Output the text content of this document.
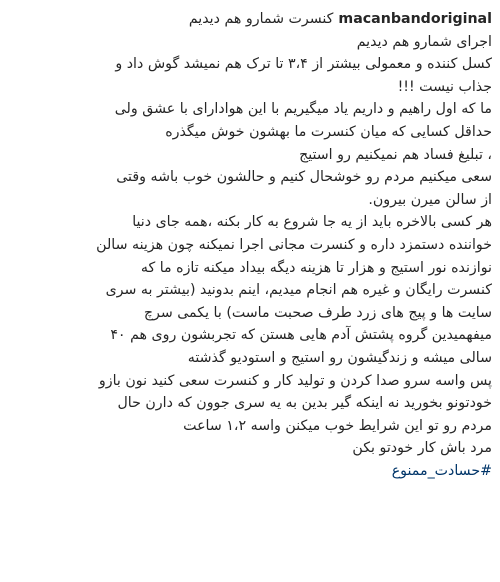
macanbandoriginalکنسرت شمارو هم دیدیم
اجرای شمارو هم دیدیم
کسل کننده و معمولی بیشتر از ۳،۴ تا ترک هم نمیشد گوش داد و
جذاب نیست !!!
ما که اول راهیم و داریم یاد میگیریم با این هوادارای با عشق ولی
حداقل کسایی که میان کنسرت ما بهشون خوش میگذره
، تبلیغ فساد هم نمیکنیم رو استیج
سعی میکنیم مردم رو خوشحال کنیم و حالشون خوب باشه وقتی
از سالن میرن بیرون.
هر کسی بالاخره باید از یه جا شروع به کار بکنه ،همه جای دنیا
خواننده دستمزد داره و کنسرت مجانی اجرا نمیکنه چون هزینه سالن
نوازنده نور استیج و هزار تا هزینه دیگه بیداد میکنه تازه ما که
کنسرت رایگان و غیره هم انجام میدیم، اینم بدونید (بیشتر به سری
سایت ها و پیج های زرد طرف صحبت ماست) با یکمی سرچ
میفهمیدین گروه پشتش آدم هایی هستن که تجربشون روی هم ۴۰
سالی میشه و زندگیشون رو استیج و استودیو گذشته
پس واسه سرو صدا کردن و تولید کار و کنسرت سعی کنید نون بازو
خودتونو بخورید نه اینکه گیر بدین به یه سری جوون که دارن حال
مردم رو تو این شرایط خوب میکنن واسه ۱،۲ ساعت
مرد باش کار خودتو بکن
#حسادت_ممنوع
